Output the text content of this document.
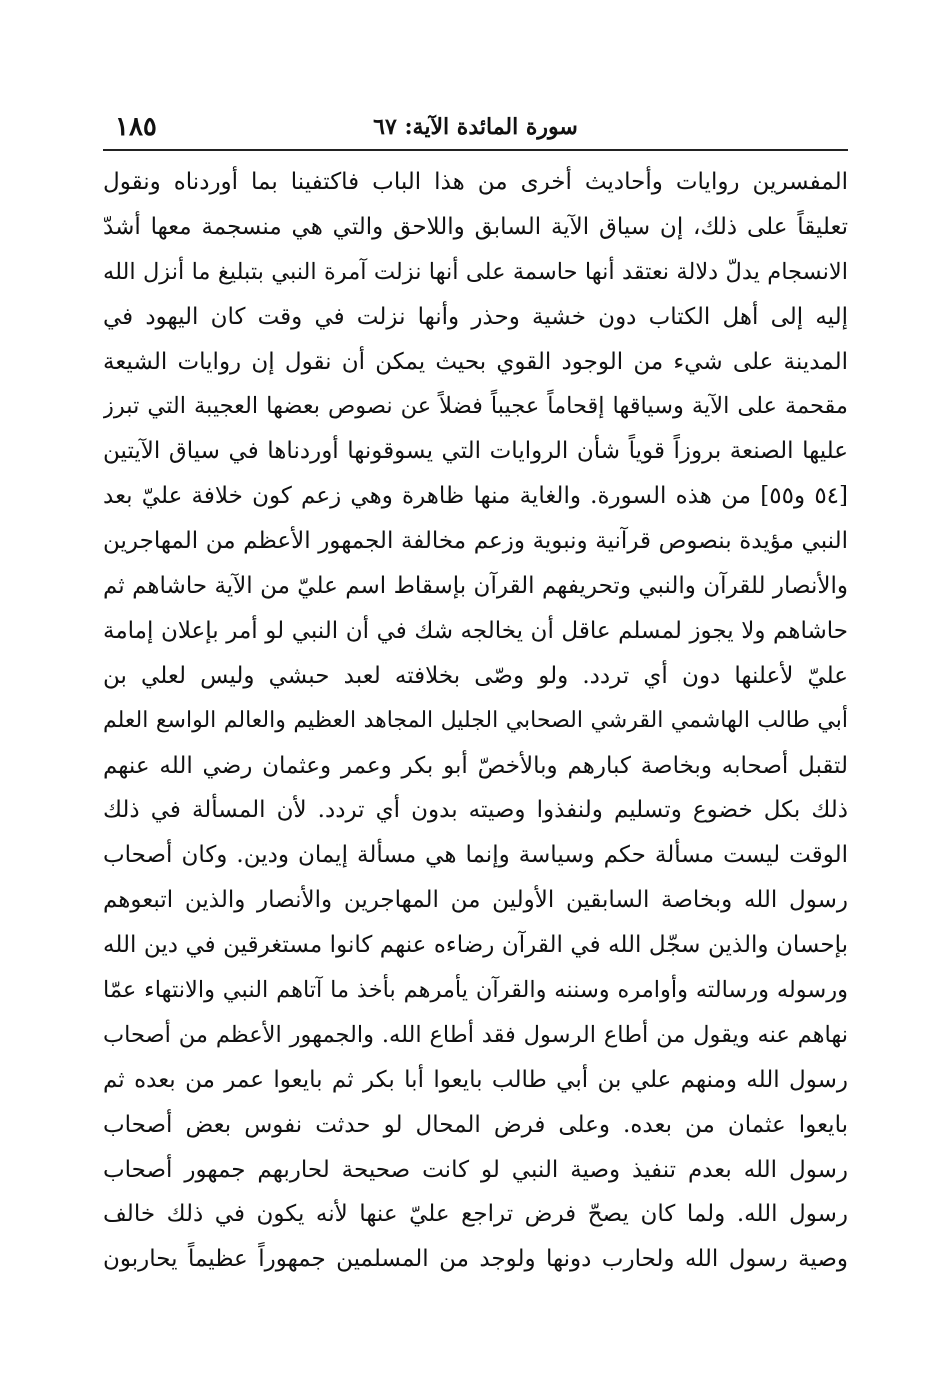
١٨٥	سورة المائدة الآية: ٦٧
المفسرين روايات وأحاديث أخرى من هذا الباب فاكتفينا بما أوردناه ونقول
تعليقاً على ذلك، إن سياق الآية السابق واللاحق والتي هي منسجمة معها أشدّ
الانسجام يدلّ دلالة نعتقد أنها حاسمة على أنها نزلت آمرة النبي بتبليغ ما أنزل الله
إليه إلى أهل الكتاب دون خشية وحذر وأنها نزلت في وقت كان اليهود في
المدينة على شيء من الوجود القوي بحيث يمكن أن نقول إن روايات الشيعة
مقحمة على الآية وسياقها إقحاماً عجيباً فضلاً عن نصوص بعضها العجيبة التي تبرز
عليها الصنعة بروزاً قوياً شأن الروايات التي يسوقونها أوردناها في سياق الآيتين
[٥٤ و٥٥] من هذه السورة. والغاية منها ظاهرة وهي زعم كون خلافة عليّ بعد
النبي مؤيدة بنصوص قرآنية ونبوية وزعم مخالفة الجمهور الأعظم من المهاجرين
والأنصار للقرآن والنبي وتحريفهم القرآن بإسقاط اسم عليّ من الآية حاشاهم ثم
حاشاهم ولا يجوز لمسلم عاقل أن يخالجه شك في أن النبي لو أمر بإعلان إمامة
عليّ لأعلنها دون أي تردد. ولو وصّى بخلافته لعبد حبشي وليس لعلي بن
أبي طالب الهاشمي القرشي الصحابي الجليل المجاهد العظيم والعالم الواسع العلم
لتقبل أصحابه وبخاصة كبارهم وبالأخصّ أبو بكر وعمر وعثمان رضي الله عنهم
ذلك بكل خضوع وتسليم ولنفذوا وصيته بدون أي تردد. لأن المسألة في ذلك
الوقت ليست مسألة حكم وسياسة وإنما هي مسألة إيمان ودين. وكان أصحاب
رسول الله وبخاصة السابقين الأولين من المهاجرين والأنصار والذين اتبعوهم
بإحسان والذين سجّل الله في القرآن رضاءه عنهم كانوا مستغرقين في دين الله
ورسوله ورسالته وأوامره وسننه والقرآن يأمرهم بأخذ ما آتاهم النبي والانتهاء عمّا
نهاهم عنه ويقول من أطاع الرسول فقد أطاع الله. والجمهور الأعظم من أصحاب
رسول الله ومنهم علي بن أبي طالب بايعوا أبا بكر ثم بايعوا عمر من بعده ثم
بايعوا عثمان من بعده. وعلى فرض المحال لو حدثت نفوس بعض أصحاب
رسول الله بعدم تنفيذ وصية النبي لو كانت صحيحة لحاربهم جمهور أصحاب
رسول الله. ولما كان يصحّ فرض تراجع عليّ عنها لأنه يكون في ذلك خالف
وصية رسول الله ولحارب دونها ولوجد من المسلمين جمهوراً عظيماً يحاربون
